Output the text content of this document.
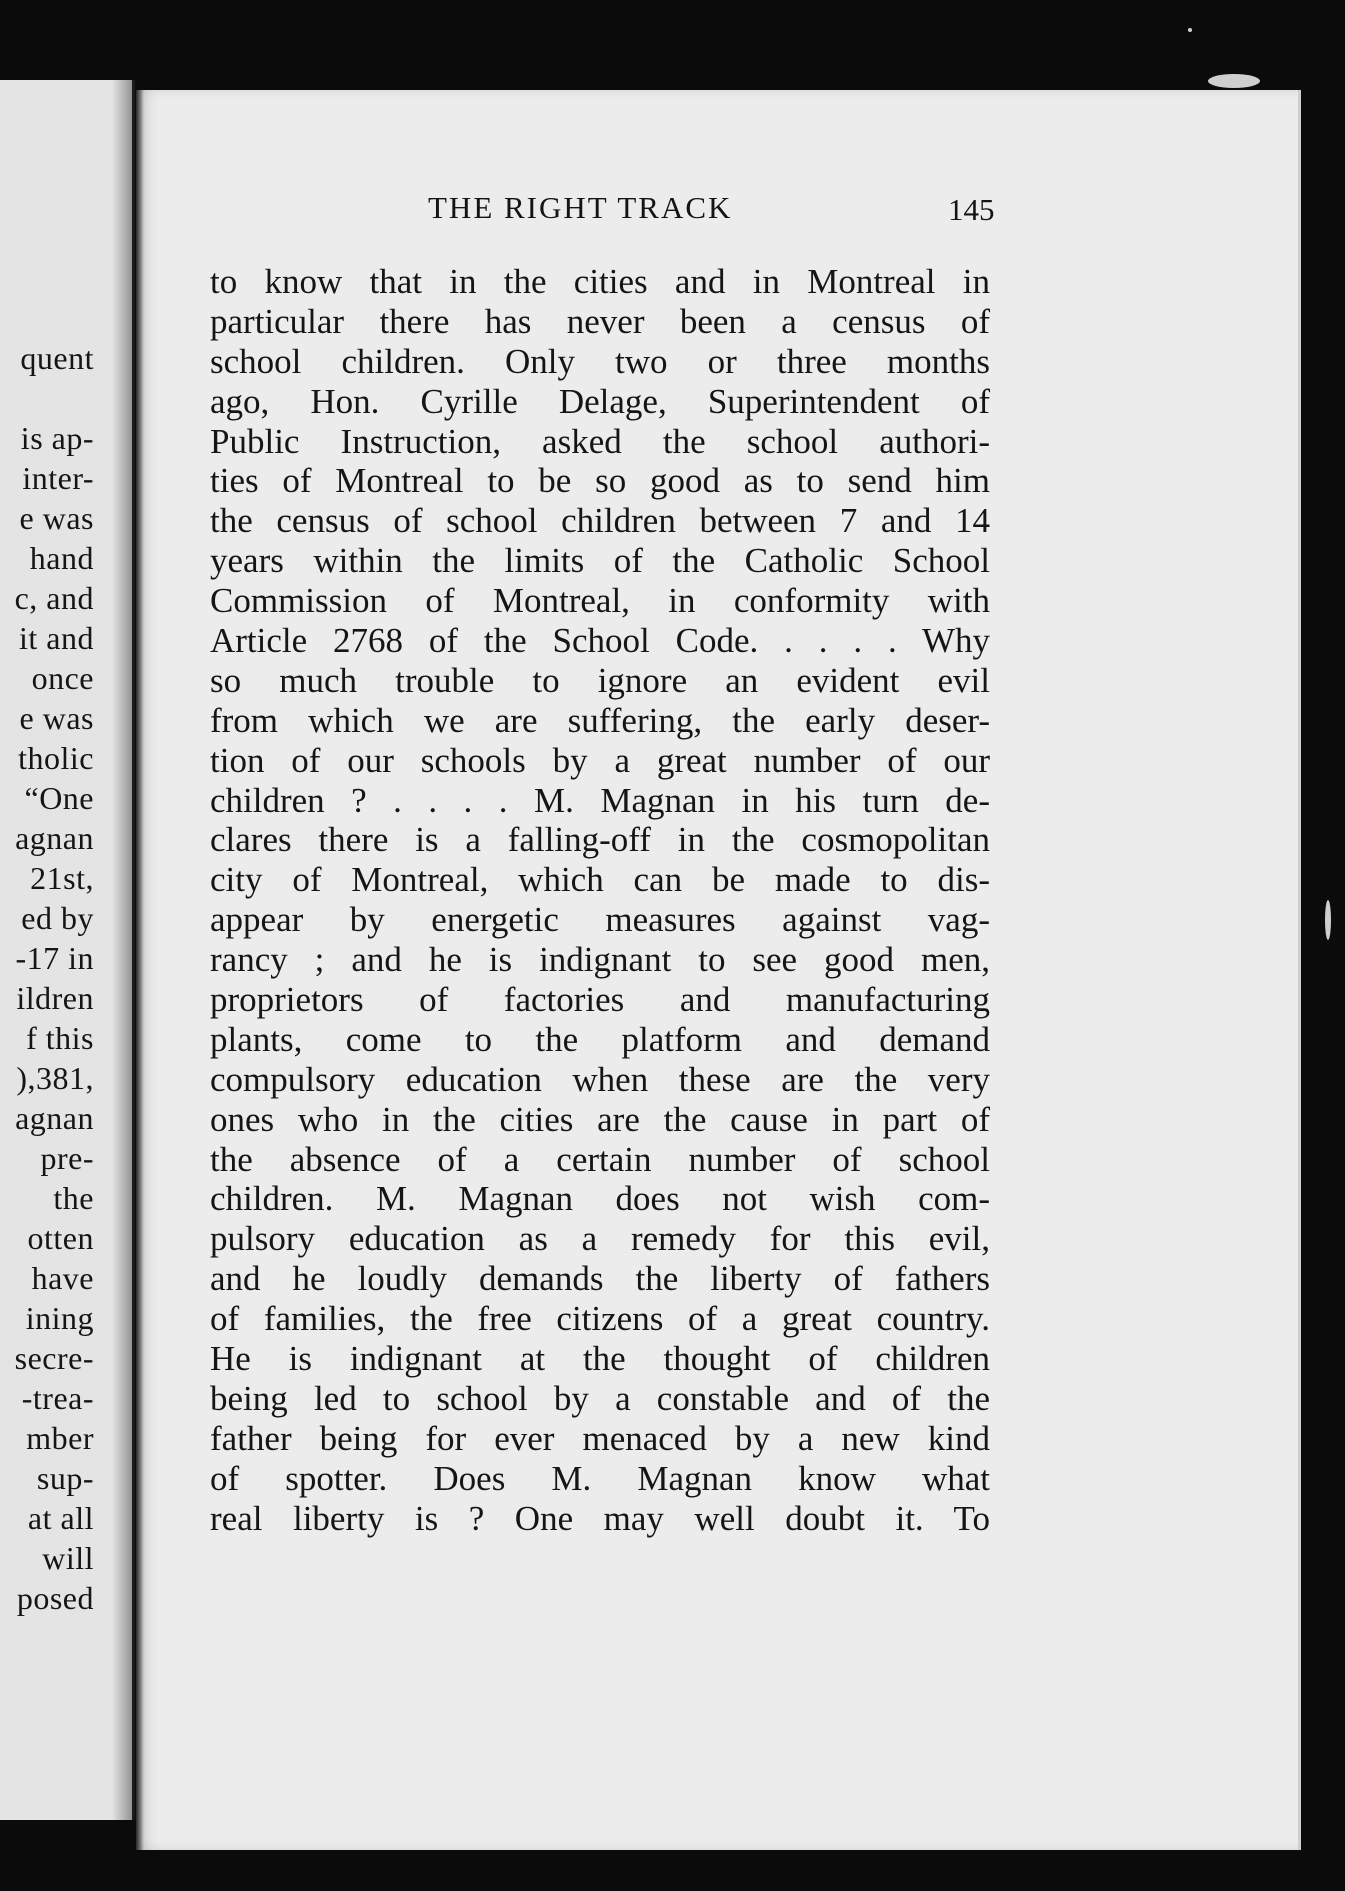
quent
is ap-
inter-
e was
hand
c, and
it and
once
e was
tholic
“One
agnan
21st,
ed by
-17 in
ildren
f this
),381,
agnan
pre-
the
otten
have
ining
secre-
-trea-
mber
sup-
at all
will
posed
THE RIGHT TRACK	145
to know that in the cities and in Montreal in
particular there has never been a census of
school children. Only two or three months
ago, Hon. Cyrille Delage, Superintendent of
Public Instruction, asked the school authori-
ties of Montreal to be so good as to send him
the census of school children between 7 and 14
years within the limits of the Catholic School
Commission of Montreal, in conformity with
Article 2768 of the School Code. . . . . Why
so much trouble to ignore an evident evil
from which we are suffering, the early deser-
tion of our schools by a great number of our
children ? . . . . M. Magnan in his turn de-
clares there is a falling-off in the cosmopolitan
city of Montreal, which can be made to dis-
appear by energetic measures against vag-
rancy ; and he is indignant to see good men,
proprietors of factories and manufacturing
plants, come to the platform and demand
compulsory education when these are the very
ones who in the cities are the cause in part of
the absence of a certain number of school
children. M. Magnan does not wish com-
pulsory education as a remedy for this evil,
and he loudly demands the liberty of fathers
of families, the free citizens of a great country.
He is indignant at the thought of children
being led to school by a constable and of the
father being for ever menaced by a new kind
of spotter. Does M. Magnan know what
real liberty is ? One may well doubt it. To
